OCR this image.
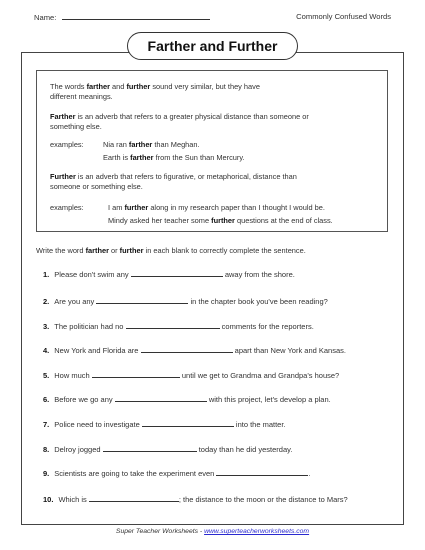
Name:	Commonly Confused Words
Farther and Further
The words farther and further sound very similar, but they have
different meanings.
Farther is an adverb that refers to a greater physical distance than someone or
something else.
examples:	Nia ran farther than Meghan.
Earth is farther from the Sun than Mercury.
Further is an adverb that refers to figurative, or metaphorical, distance than
someone or something else.
examples:	I am further along in my research paper than I thought I would be.
Mindy asked her teacher some further questions at the end of class.
Write the word farther or further in each blank to correctly complete the sentence.
1. Please don't swim any	away from the shore.
2. Are you any	in the chapter book you've been reading?
3. The politician had no	comments for the reporters.
4. New York and Florida are	apart than New York and Kansas.
5. How much	until we get to Grandma and Grandpa's house?
6. Before we go any	with this project, let's develop a plan.
7. Police need to investigate	into the matter.
8. Delroy jogged	today than he did yesterday.
9. Scientists are going to take the experiment even	.
10. Which is	; the distance to the moon or the distance to Mars?
Super Teacher Worksheets - www.superteacherworksheets.com
